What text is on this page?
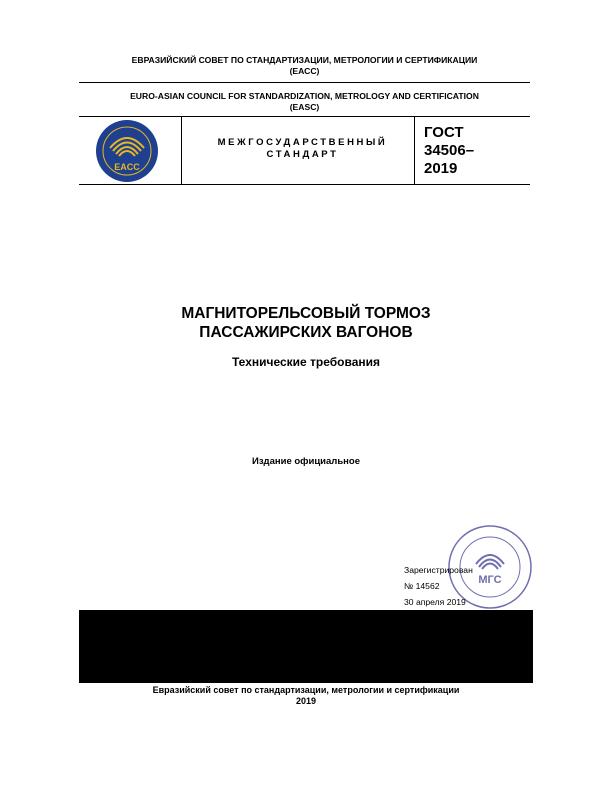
ЕВРАЗИЙСКИЙ СОВЕТ ПО СТАНДАРТИЗАЦИИ, МЕТРОЛОГИИ И СЕРТИФИКАЦИИ
(ЕАСС)
EURO-ASIAN COUNCIL FOR STANDARDIZATION, METROLOGY AND CERTIFICATION
(EASC)
EACC
МЕЖГОСУДАРСТВЕННЫЙ
СТАНДАРТ
ГОСТ
34506–
2019
МАГНИТОРЕЛЬСОВЫЙ ТОРМОЗ
ПАССАЖИРСКИХ ВАГОНОВ
Технические требования
Издание официальное
МГС
Зарегистрирован
№ 14562
30 апреля 2019
Евразийский совет по стандартизации, метрологии и сертификации
2019
